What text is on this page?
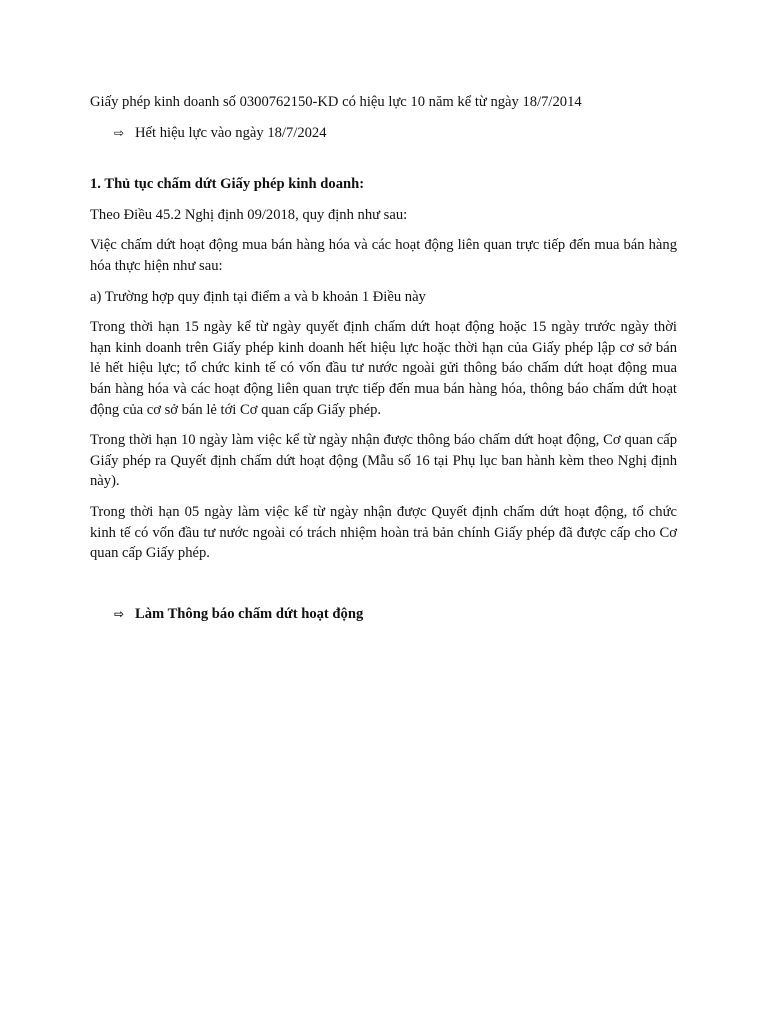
Giấy phép kinh doanh số 0300762150-KD có hiệu lực 10 năm kể từ ngày 18/7/2014

⇨ Hết hiệu lực vào ngày 18/7/2024

1. Thủ tục chấm dứt Giấy phép kinh doanh:

Theo Điều 45.2 Nghị định 09/2018, quy định như sau:

Việc chấm dứt hoạt động mua bán hàng hóa và các hoạt động liên quan trực tiếp đến mua bán hàng hóa thực hiện như sau:

a) Trường hợp quy định tại điểm a và b khoản 1 Điều này

Trong thời hạn 15 ngày kể từ ngày quyết định chấm dứt hoạt động hoặc 15 ngày trước ngày thời hạn kinh doanh trên Giấy phép kinh doanh hết hiệu lực hoặc thời hạn của Giấy phép lập cơ sở bán lẻ hết hiệu lực; tổ chức kinh tế có vốn đầu tư nước ngoài gửi thông báo chấm dứt hoạt động mua bán hàng hóa và các hoạt động liên quan trực tiếp đến mua bán hàng hóa, thông báo chấm dứt hoạt động của cơ sở bán lẻ tới Cơ quan cấp Giấy phép.

Trong thời hạn 10 ngày làm việc kể từ ngày nhận được thông báo chấm dứt hoạt động, Cơ quan cấp Giấy phép ra Quyết định chấm dứt hoạt động (Mẫu số 16 tại Phụ lục ban hành kèm theo Nghị định này).

Trong thời hạn 05 ngày làm việc kể từ ngày nhận được Quyết định chấm dứt hoạt động, tổ chức kinh tế có vốn đầu tư nước ngoài có trách nhiệm hoàn trả bản chính Giấy phép đã được cấp cho Cơ quan cấp Giấy phép.

⇨ Làm Thông báo chấm dứt hoạt động
